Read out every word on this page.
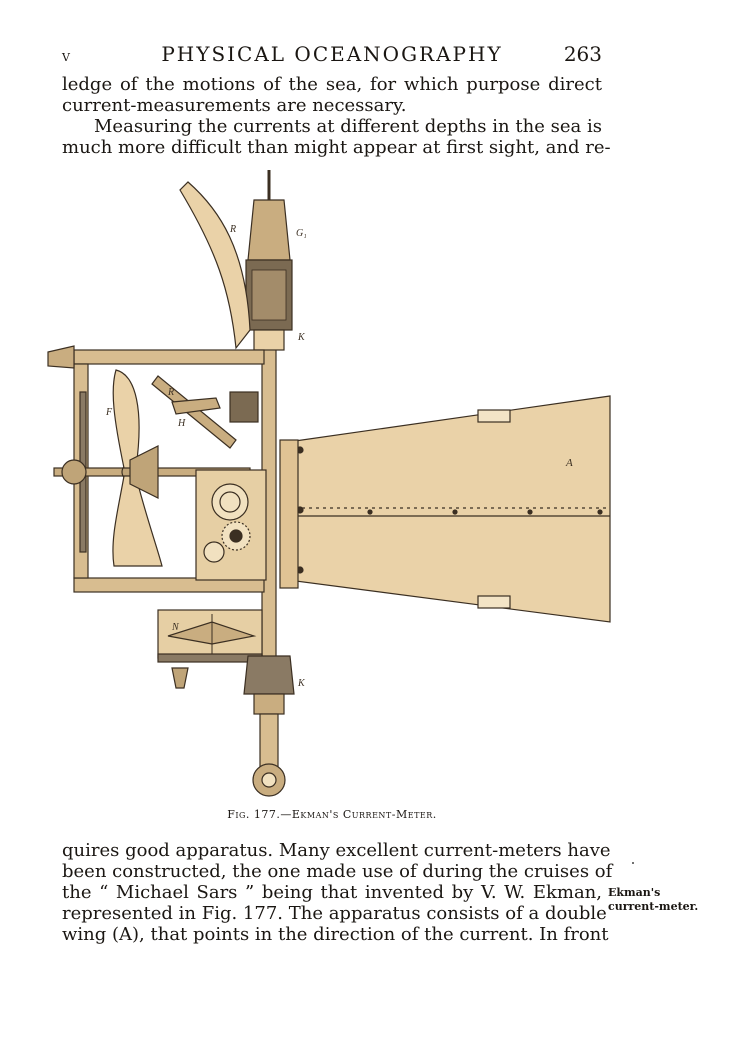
v	PHYSICAL OCEANOGRAPHY	263
ledge of the motions of the sea, for which purpose direct
current-measurements are necessary.
Measuring the currents at different depths in the sea is
much more difficult than might appear at first sight, and re-
R	G₁
K
R
F
H
A
N
K
Fig. 177.—Ekman's Current-Meter.
quires good apparatus. Many excellent current-meters have
been constructed, the one made use of during the cruises of
the “ Michael Sars ” being that invented by V. W. Ekman,
represented in Fig. 177. The apparatus consists of a double
wing (A), that points in the direction of the current. In front
Ekman's
current-meter.
